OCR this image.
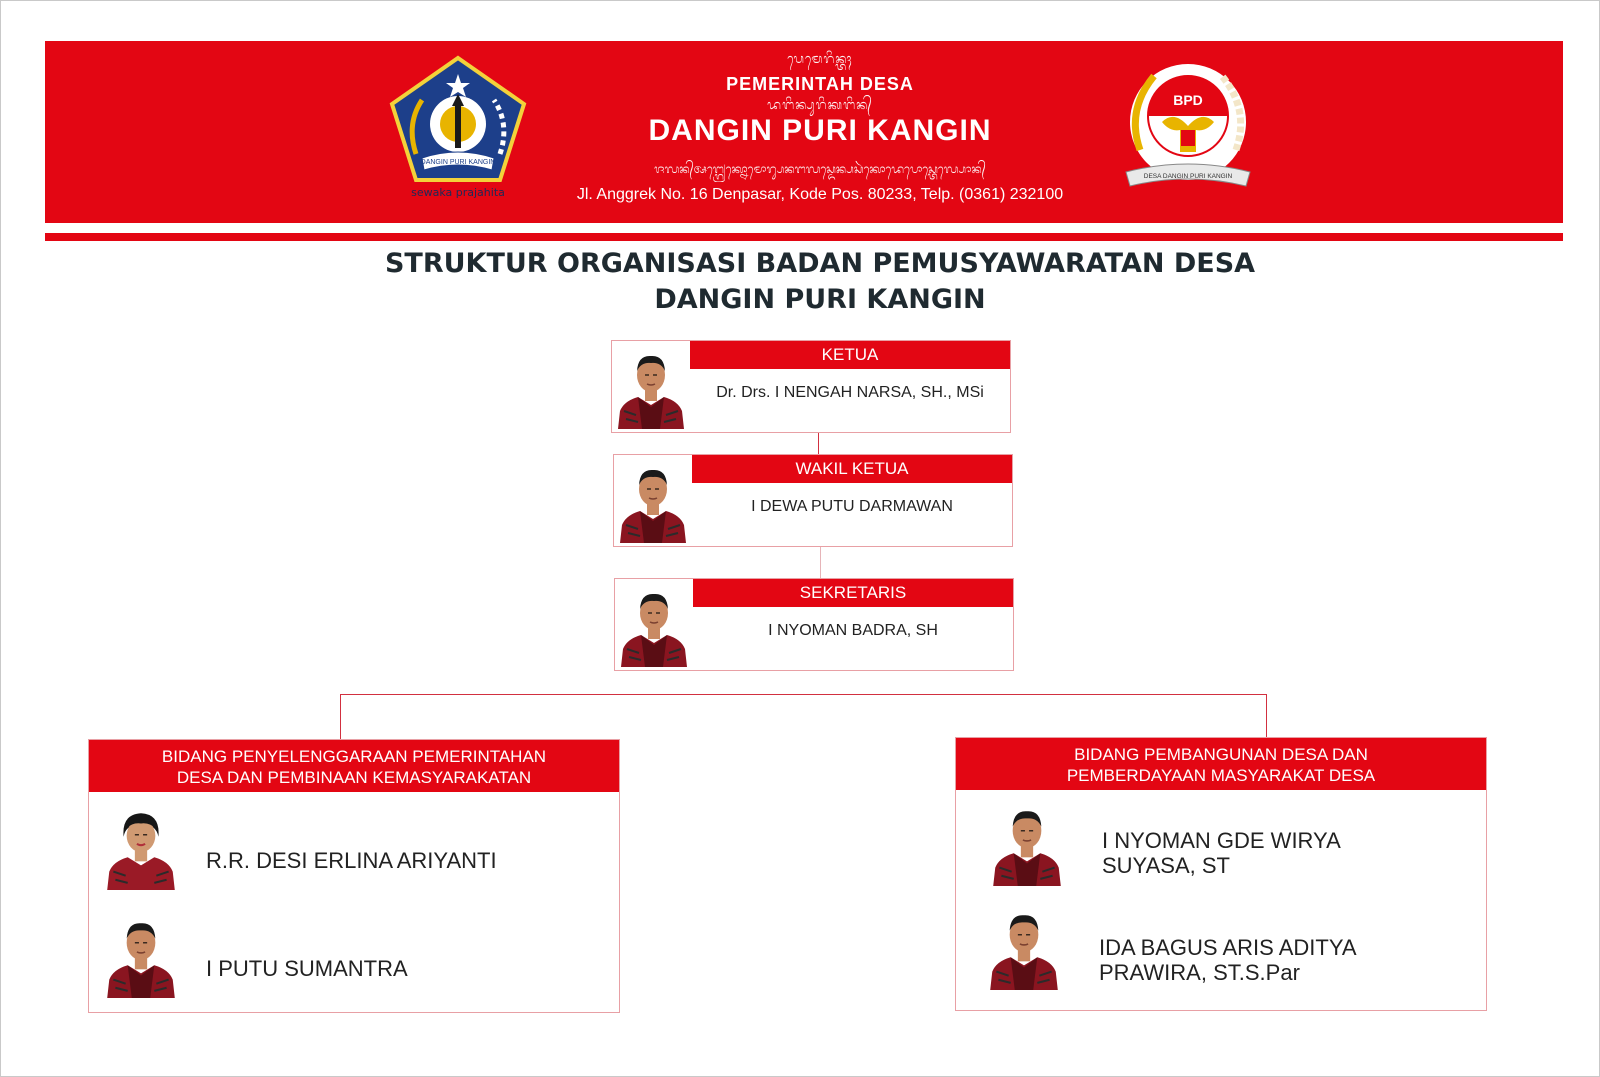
DANGIN PURI KANGIN
sewaka prajahita
ᬧᬾᬫᬾᬭᬶᬦ᭄ᬢᬄ
PEMERINTAH DESA
ᬤᬗᬶᬦ᭄ᬧᬸᬭᬶᬓᬗᬶᬦ᭄
DANGIN PURI KANGIN
ᬚᬮᬦ᭄ᬅᬗ᭄ᬕ᭄ᬭᬾᬓ᭄ᬦᭀᬫᭀᬭ᭄ᬲᬦᬗᬮᬲ᭄ᬤᬾᬦ᭄ᬧᬲᬃᬓᭀᬤᬾᬧᭀᬲ᭄ᬢᬾᬮ᭄ᬧᭀᬦ᭄
Jl. Anggrek No. 16 Denpasar, Kode Pos. 80233, Telp. (0361) 232100
BPD
DESA DANGIN PURI KANGIN
STRUKTUR ORGANISASI BADAN PEMUSYAWARATAN DESA
DANGIN PURI KANGIN
KETUA
Dr. Drs. I NENGAH NARSA, SH., MSi
WAKIL KETUA
I DEWA PUTU DARMAWAN
SEKRETARIS
I NYOMAN BADRA, SH
BIDANG PENYELENGGARAAN PEMERINTAHAN
DESA DAN PEMBINAAN KEMASYARAKATAN
R.R. DESI ERLINA ARIYANTI
I PUTU SUMANTRA
BIDANG PEMBANGUNAN DESA DAN
PEMBERDAYAAN MASYARAKAT DESA
I NYOMAN GDE WIRYA
SUYASA, ST
IDA BAGUS ARIS ADITYA
PRAWIRA, ST.S.Par
